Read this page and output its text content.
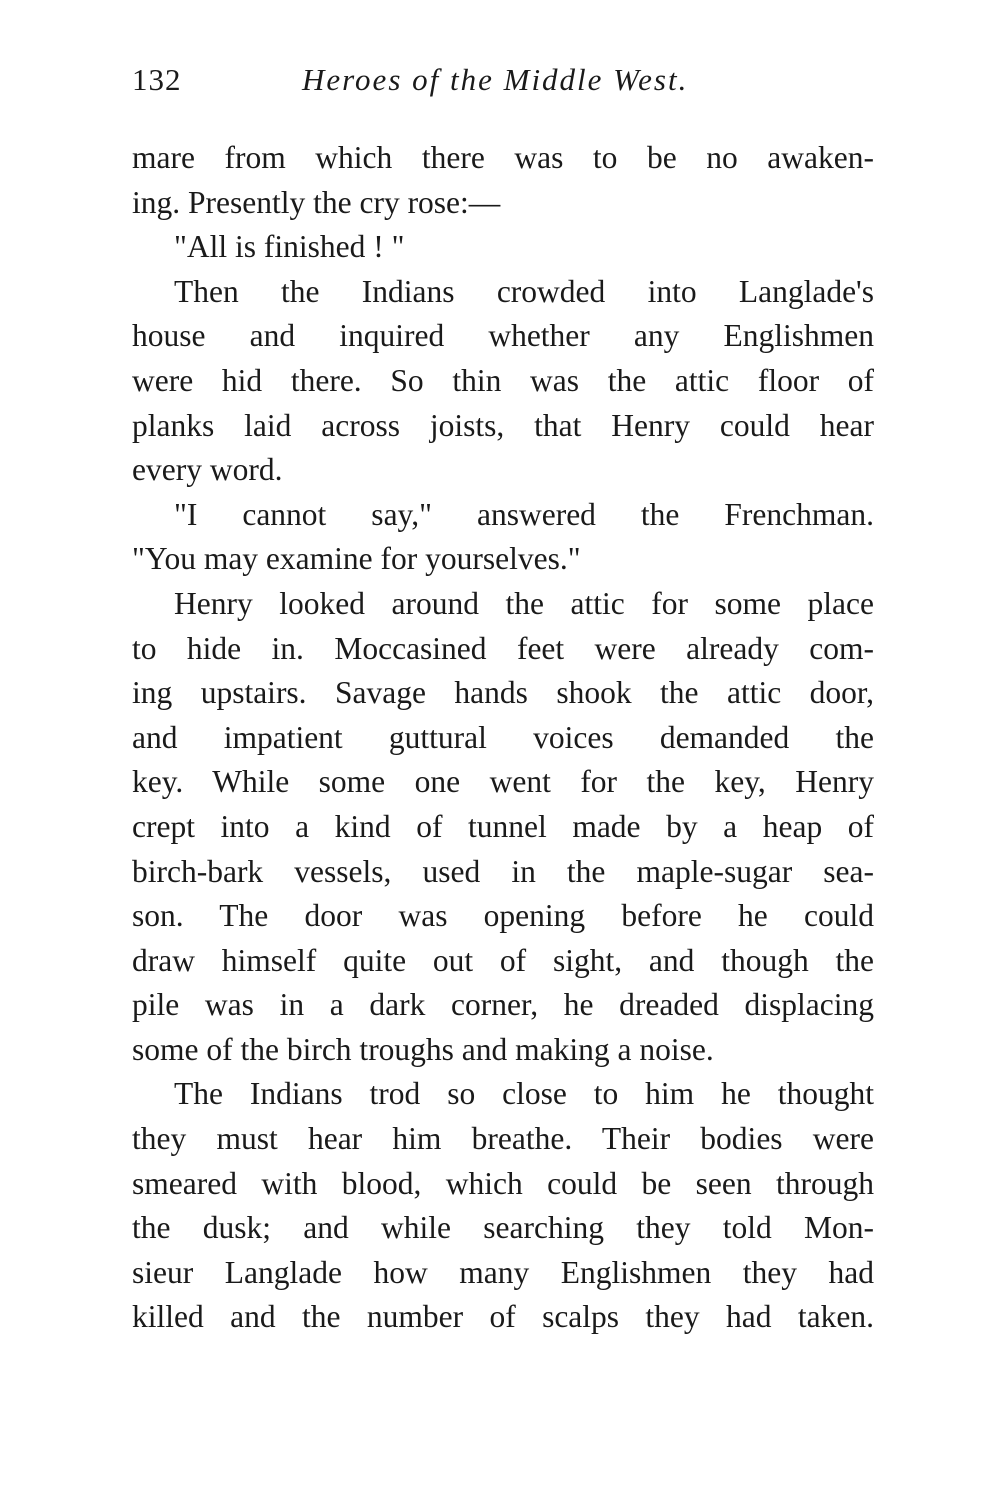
132	Heroes of the Middle West.
mare from which there was to be no awaken-
ing. Presently the cry rose:—
"All is finished ! "
Then the Indians crowded into Langlade's
house and inquired whether any Englishmen
were hid there. So thin was the attic floor of
planks laid across joists, that Henry could hear
every word.
"I cannot say," answered the Frenchman.
"You may examine for yourselves."
Henry looked around the attic for some place
to hide in. Moccasined feet were already com-
ing upstairs. Savage hands shook the attic door,
and impatient guttural voices demanded the
key. While some one went for the key, Henry
crept into a kind of tunnel made by a heap of
birch-bark vessels, used in the maple-sugar sea-
son. The door was opening before he could
draw himself quite out of sight, and though the
pile was in a dark corner, he dreaded displacing
some of the birch troughs and making a noise.
The Indians trod so close to him he thought
they must hear him breathe. Their bodies were
smeared with blood, which could be seen through
the dusk; and while searching they told Mon-
sieur Langlade how many Englishmen they had
killed and the number of scalps they had taken.
